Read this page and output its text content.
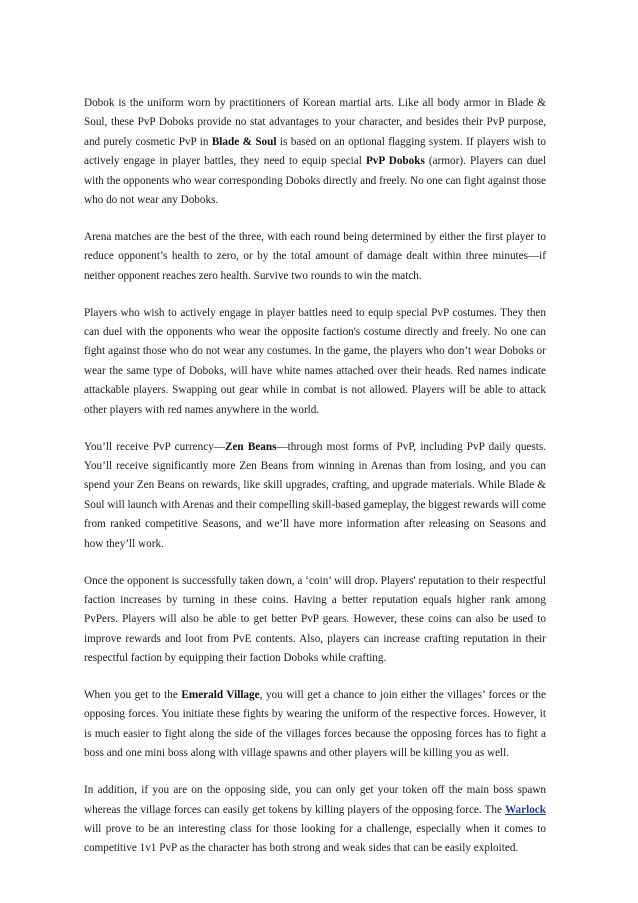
Dobok is the uniform worn by practitioners of Korean martial arts. Like all body armor in Blade & Soul, these PvP Doboks provide no stat advantages to your character, and besides their PvP purpose, and purely cosmetic PvP in Blade & Soul is based on an optional flagging system. If players wish to actively engage in player battles, they need to equip special PvP Doboks (armor). Players can duel with the opponents who wear corresponding Doboks directly and freely. No one can fight against those who do not wear any Doboks.

Arena matches are the best of the three, with each round being determined by either the first player to reduce opponent’s health to zero, or by the total amount of damage dealt within three minutes—if neither opponent reaches zero health. Survive two rounds to win the match.

Players who wish to actively engage in player battles need to equip special PvP costumes. They then can duel with the opponents who wear the opposite faction's costume directly and freely. No one can fight against those who do not wear any costumes. In the game, the players who don’t wear Doboks or wear the same type of Doboks, will have white names attached over their heads. Red names indicate attackable players. Swapping out gear while in combat is not allowed. Players will be able to attack other players with red names anywhere in the world.

You’ll receive PvP currency—Zen Beans—through most forms of PvP, including PvP daily quests. You’ll receive significantly more Zen Beans from winning in Arenas than from losing, and you can spend your Zen Beans on rewards, like skill upgrades, crafting, and upgrade materials. While Blade & Soul will launch with Arenas and their compelling skill-based gameplay, the biggest rewards will come from ranked competitive Seasons, and we’ll have more information after releasing on Seasons and how they’ll work.

Once the opponent is successfully taken down, a ‘coin’ will drop. Players' reputation to their respectful faction increases by turning in these coins. Having a better reputation equals higher rank among PvPers. Players will also be able to get better PvP gears. However, these coins can also be used to improve rewards and loot from PvE contents. Also, players can increase crafting reputation in their respectful faction by equipping their faction Doboks while crafting.

When you get to the Emerald Village, you will get a chance to join either the villages’ forces or the opposing forces. You initiate these fights by wearing the uniform of the respective forces. However, it is much easier to fight along the side of the villages forces because the opposing forces has to fight a boss and one mini boss along with village spawns and other players will be killing you as well.

In addition, if you are on the opposing side, you can only get your token off the main boss spawn whereas the village forces can easily get tokens by killing players of the opposing force. The Warlock will prove to be an interesting class for those looking for a challenge, especially when it comes to competitive 1v1 PvP as the character has both strong and weak sides that can be easily exploited.
